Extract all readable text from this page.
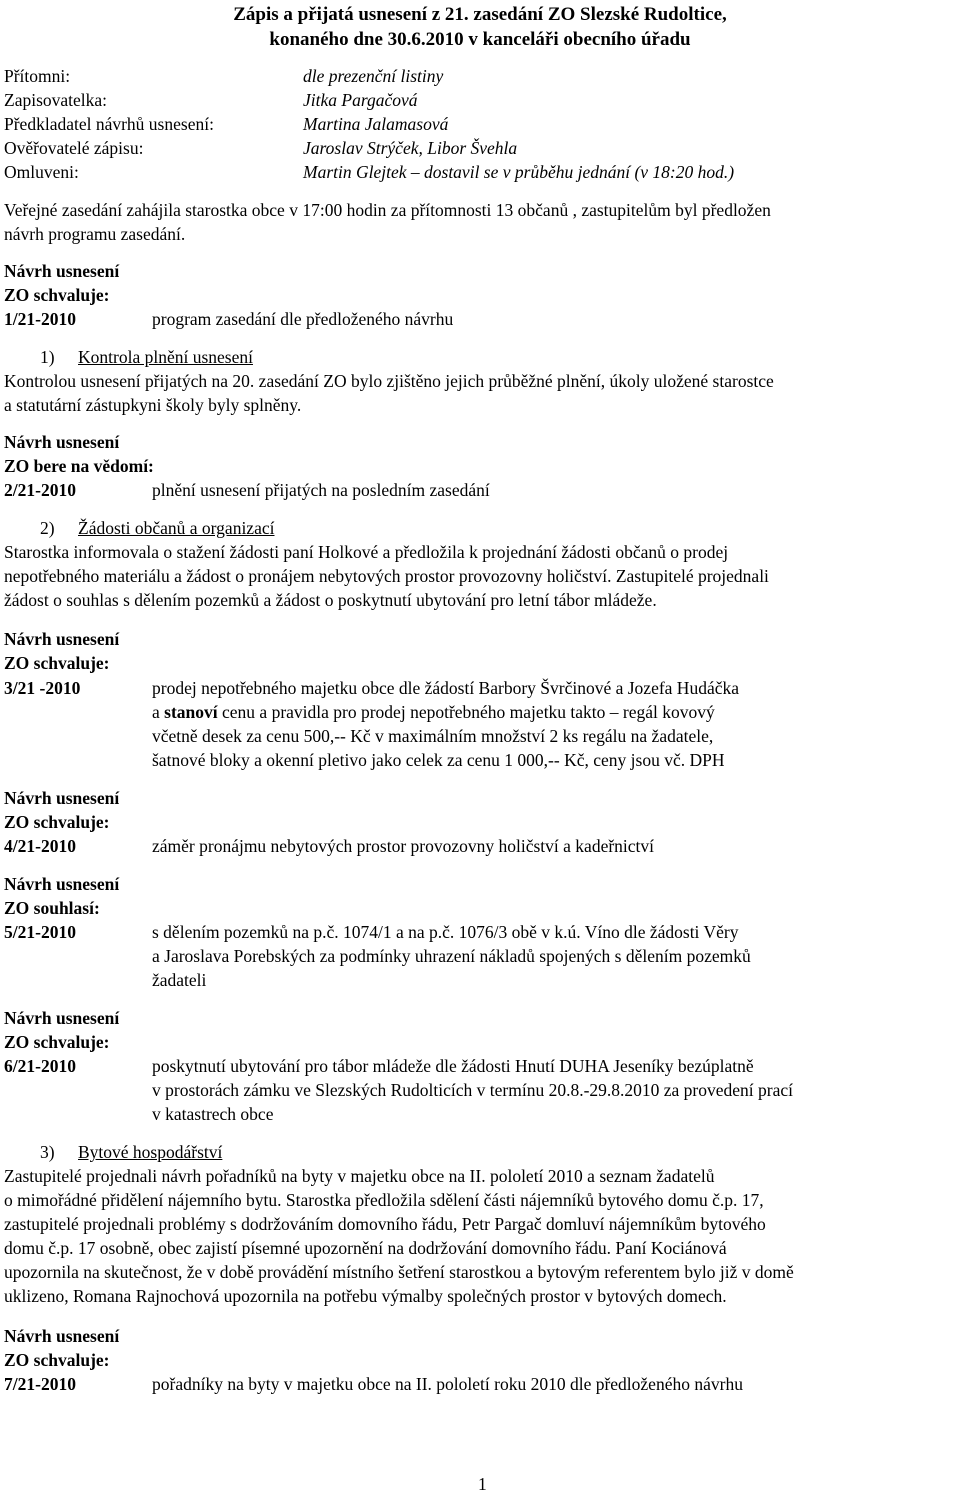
Zápis a přijatá usnesení z 21. zasedání ZO Slezské Rudoltice,
konaného dne 30.6.2010 v kanceláři obecního úřadu
Přítomni:	dle prezenční listiny
Zapisovatelka:	Jitka Pargačová
Předkladatel návrhů usnesení:	Martina Jalamasová
Ověřovatelé zápisu:	Jaroslav Strýček, Libor Švehla
Omluveni:	Martin Glejtek – dostavil se v průběhu jednání (v 18:20 hod.)
Veřejné zasedání zahájila starostka obce v 17:00 hodin za přítomnosti 13 občanů , zastupitelům byl předložen
návrh programu zasedání.
Návrh usnesení
ZO schvaluje:
1/21-2010	program zasedání dle předloženého návrhu
1) Kontrola plnění usnesení
Kontrolou usnesení přijatých na 20. zasedání ZO bylo zjištěno jejich průběžné plnění, úkoly uložené starostce
a statutární zástupkyni školy byly splněny.
Návrh usnesení
ZO bere na vědomí:
2/21-2010	plnění usnesení přijatých na posledním zasedání
2) Žádosti občanů a organizací
Starostka informovala o stažení žádosti paní Holkové a předložila k projednání žádosti občanů o prodej
nepotřebného materiálu a žádost o pronájem nebytových prostor provozovny holičství. Zastupitelé projednali
žádost o souhlas s dělením pozemků a žádost o poskytnutí ubytování pro letní tábor mládeže.
Návrh usnesení
ZO schvaluje:
3/21 -2010	prodej nepotřebného majetku obce dle žádostí Barbory Švrčinové a Jozefa Hudáčka
a stanoví cenu a pravidla pro prodej nepotřebného majetku takto – regál kovový
včetně desek za cenu 500,-- Kč v maximálním množství 2 ks regálu na žadatele,
šatnové bloky a okenní pletivo jako celek za cenu 1 000,-- Kč, ceny jsou vč. DPH
Návrh usnesení
ZO schvaluje:
4/21-2010	záměr pronájmu nebytových prostor provozovny holičství a kadeřnictví
Návrh usnesení
ZO souhlasí:
5/21-2010	s dělením pozemků na p.č. 1074/1 a na p.č. 1076/3 obě v k.ú. Víno dle žádosti Věry
a Jaroslava Porebských za podmínky uhrazení nákladů spojených s dělením pozemků
žadateli
Návrh usnesení
ZO schvaluje:
6/21-2010	poskytnutí ubytování pro tábor mládeže dle žádosti Hnutí DUHA Jeseníky bezúplatně
v prostorách zámku ve Slezských Rudolticích v termínu 20.8.-29.8.2010 za provedení prací
v katastrech obce
3) Bytové hospodářství
Zastupitelé projednali návrh pořadníků na byty v majetku obce na II. pololetí 2010 a seznam žadatelů
o mimořádné přidělení nájemního bytu. Starostka předložila sdělení části nájemníků bytového domu č.p. 17,
zastupitelé projednali problémy s dodržováním domovního řádu, Petr Pargač domluví nájemníkům bytového
domu č.p. 17 osobně, obec zajistí písemné upozornění na dodržování domovního řádu. Paní Kociánová
upozornila na skutečnost, že v době provádění místního šetření starostkou a bytovým referentem bylo již v domě
uklizeno, Romana Rajnochová upozornila na potřebu výmalby společných prostor v bytových domech.
Návrh usnesení
ZO schvaluje:
7/21-2010	pořadníky na byty v majetku obce na II. pololetí roku 2010 dle předloženého návrhu
1
